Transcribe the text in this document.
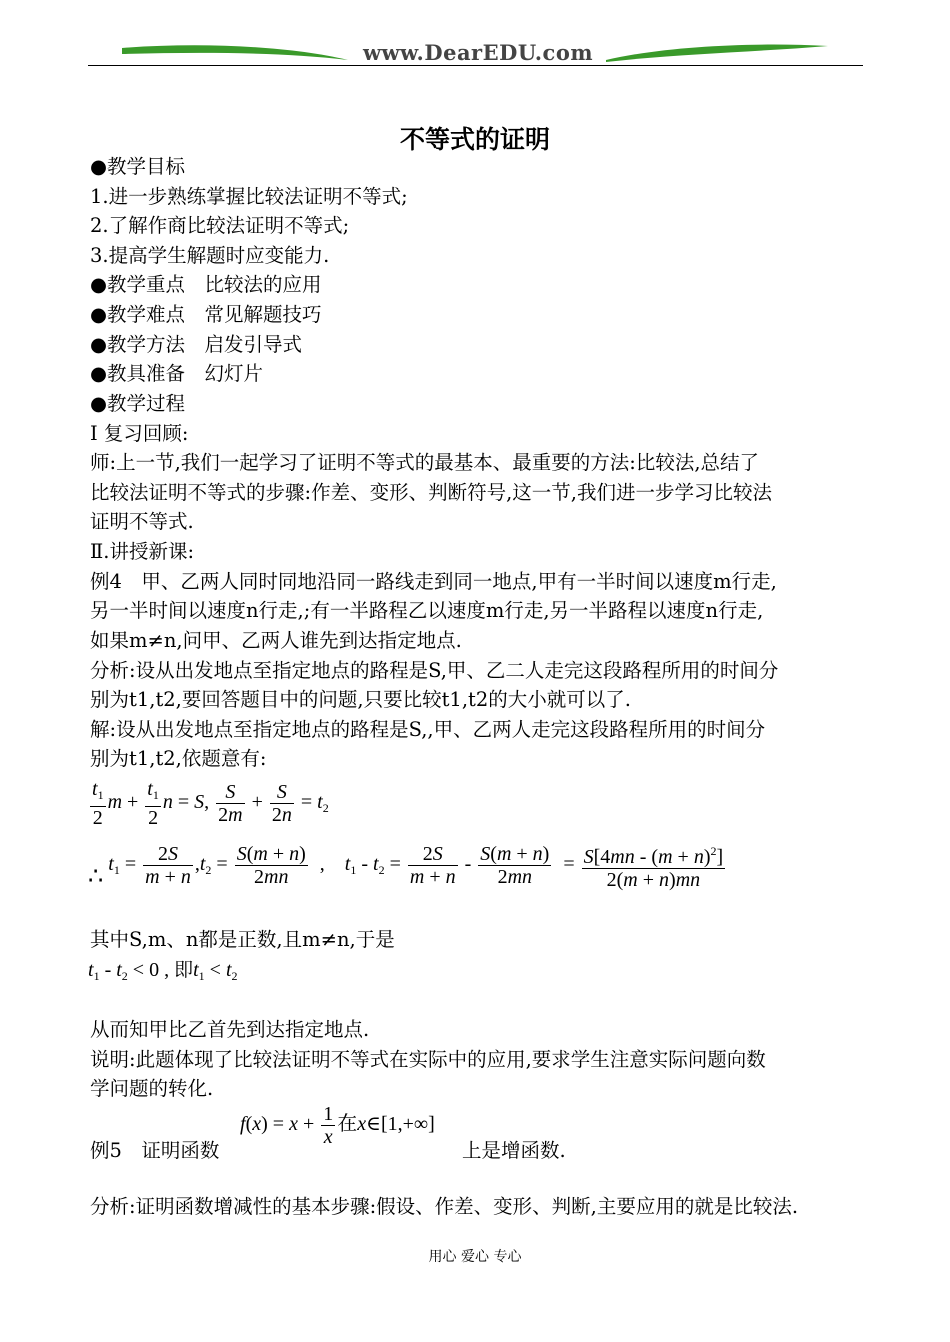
www.DearEDU.com
不等式的证明
●教学目标
1.进一步熟练掌握比较法证明不等式;
2.了解作商比较法证明不等式;
3.提高学生解题时应变能力.
●教学重点　比较法的应用
●教学难点　常见解题技巧
●教学方法　启发引导式
●教具准备　幻灯片
●教学过程
Ⅰ 复习回顾:
师:上一节,我们一起学习了证明不等式的最基本、最重要的方法:比较法,总结了
比较法证明不等式的步骤:作差、变形、判断符号,这一节,我们进一步学习比较法
证明不等式.
Ⅱ.讲授新课:
例4　甲、乙两人同时同地沿同一路线走到同一地点,甲有一半时间以速度m行走,
另一半时间以速度n行走,;有一半路程乙以速度m行走,另一半路程以速度n行走,
如果m≠n,问甲、乙两人谁先到达指定地点.
分析:设从出发地点至指定地点的路程是S,甲、乙二人走完这段路程所用的时间分
别为t1,t2,要回答题目中的问题,只要比较t1,t2的大小就可以了.
解:设从出发地点至指定地点的路程是S,,甲、乙两人走完这段路程所用的时间分
别为t1,t2,依题意有:
$\frac{t_1}{2}$ $m + \frac{t_1}{2}$ n = S, $\frac{S}{2m} + \frac{S}{2n} = t_2$
∴ $t_1 = \frac{2S}{m + n} ,t_2 = \frac{S(m + n)}{2mn}$ ,    $t_1 - t_2 = \frac{2S}{m + n} - \frac{S(m + n)}{2mn} = \frac{S[4mn - (m + n)^2]}{2(m + n)mn}$
其中S,m、n都是正数,且m≠n,于是
$t_1 - t_2 < 0$ , 即$t_1 < t_2$
从而知甲比乙首先到达指定地点.
说明:此题体现了比较法证明不等式在实际中的应用,要求学生注意实际问题向数
学问题的转化.
例5　证明函数
$f(x) = x + \frac{1}{x}$ 在x∈[1,+∞]
上是增函数.
分析:证明函数增减性的基本步骤:假设、作差、变形、判断,主要应用的就是比较法.
用心 爱心 专心
